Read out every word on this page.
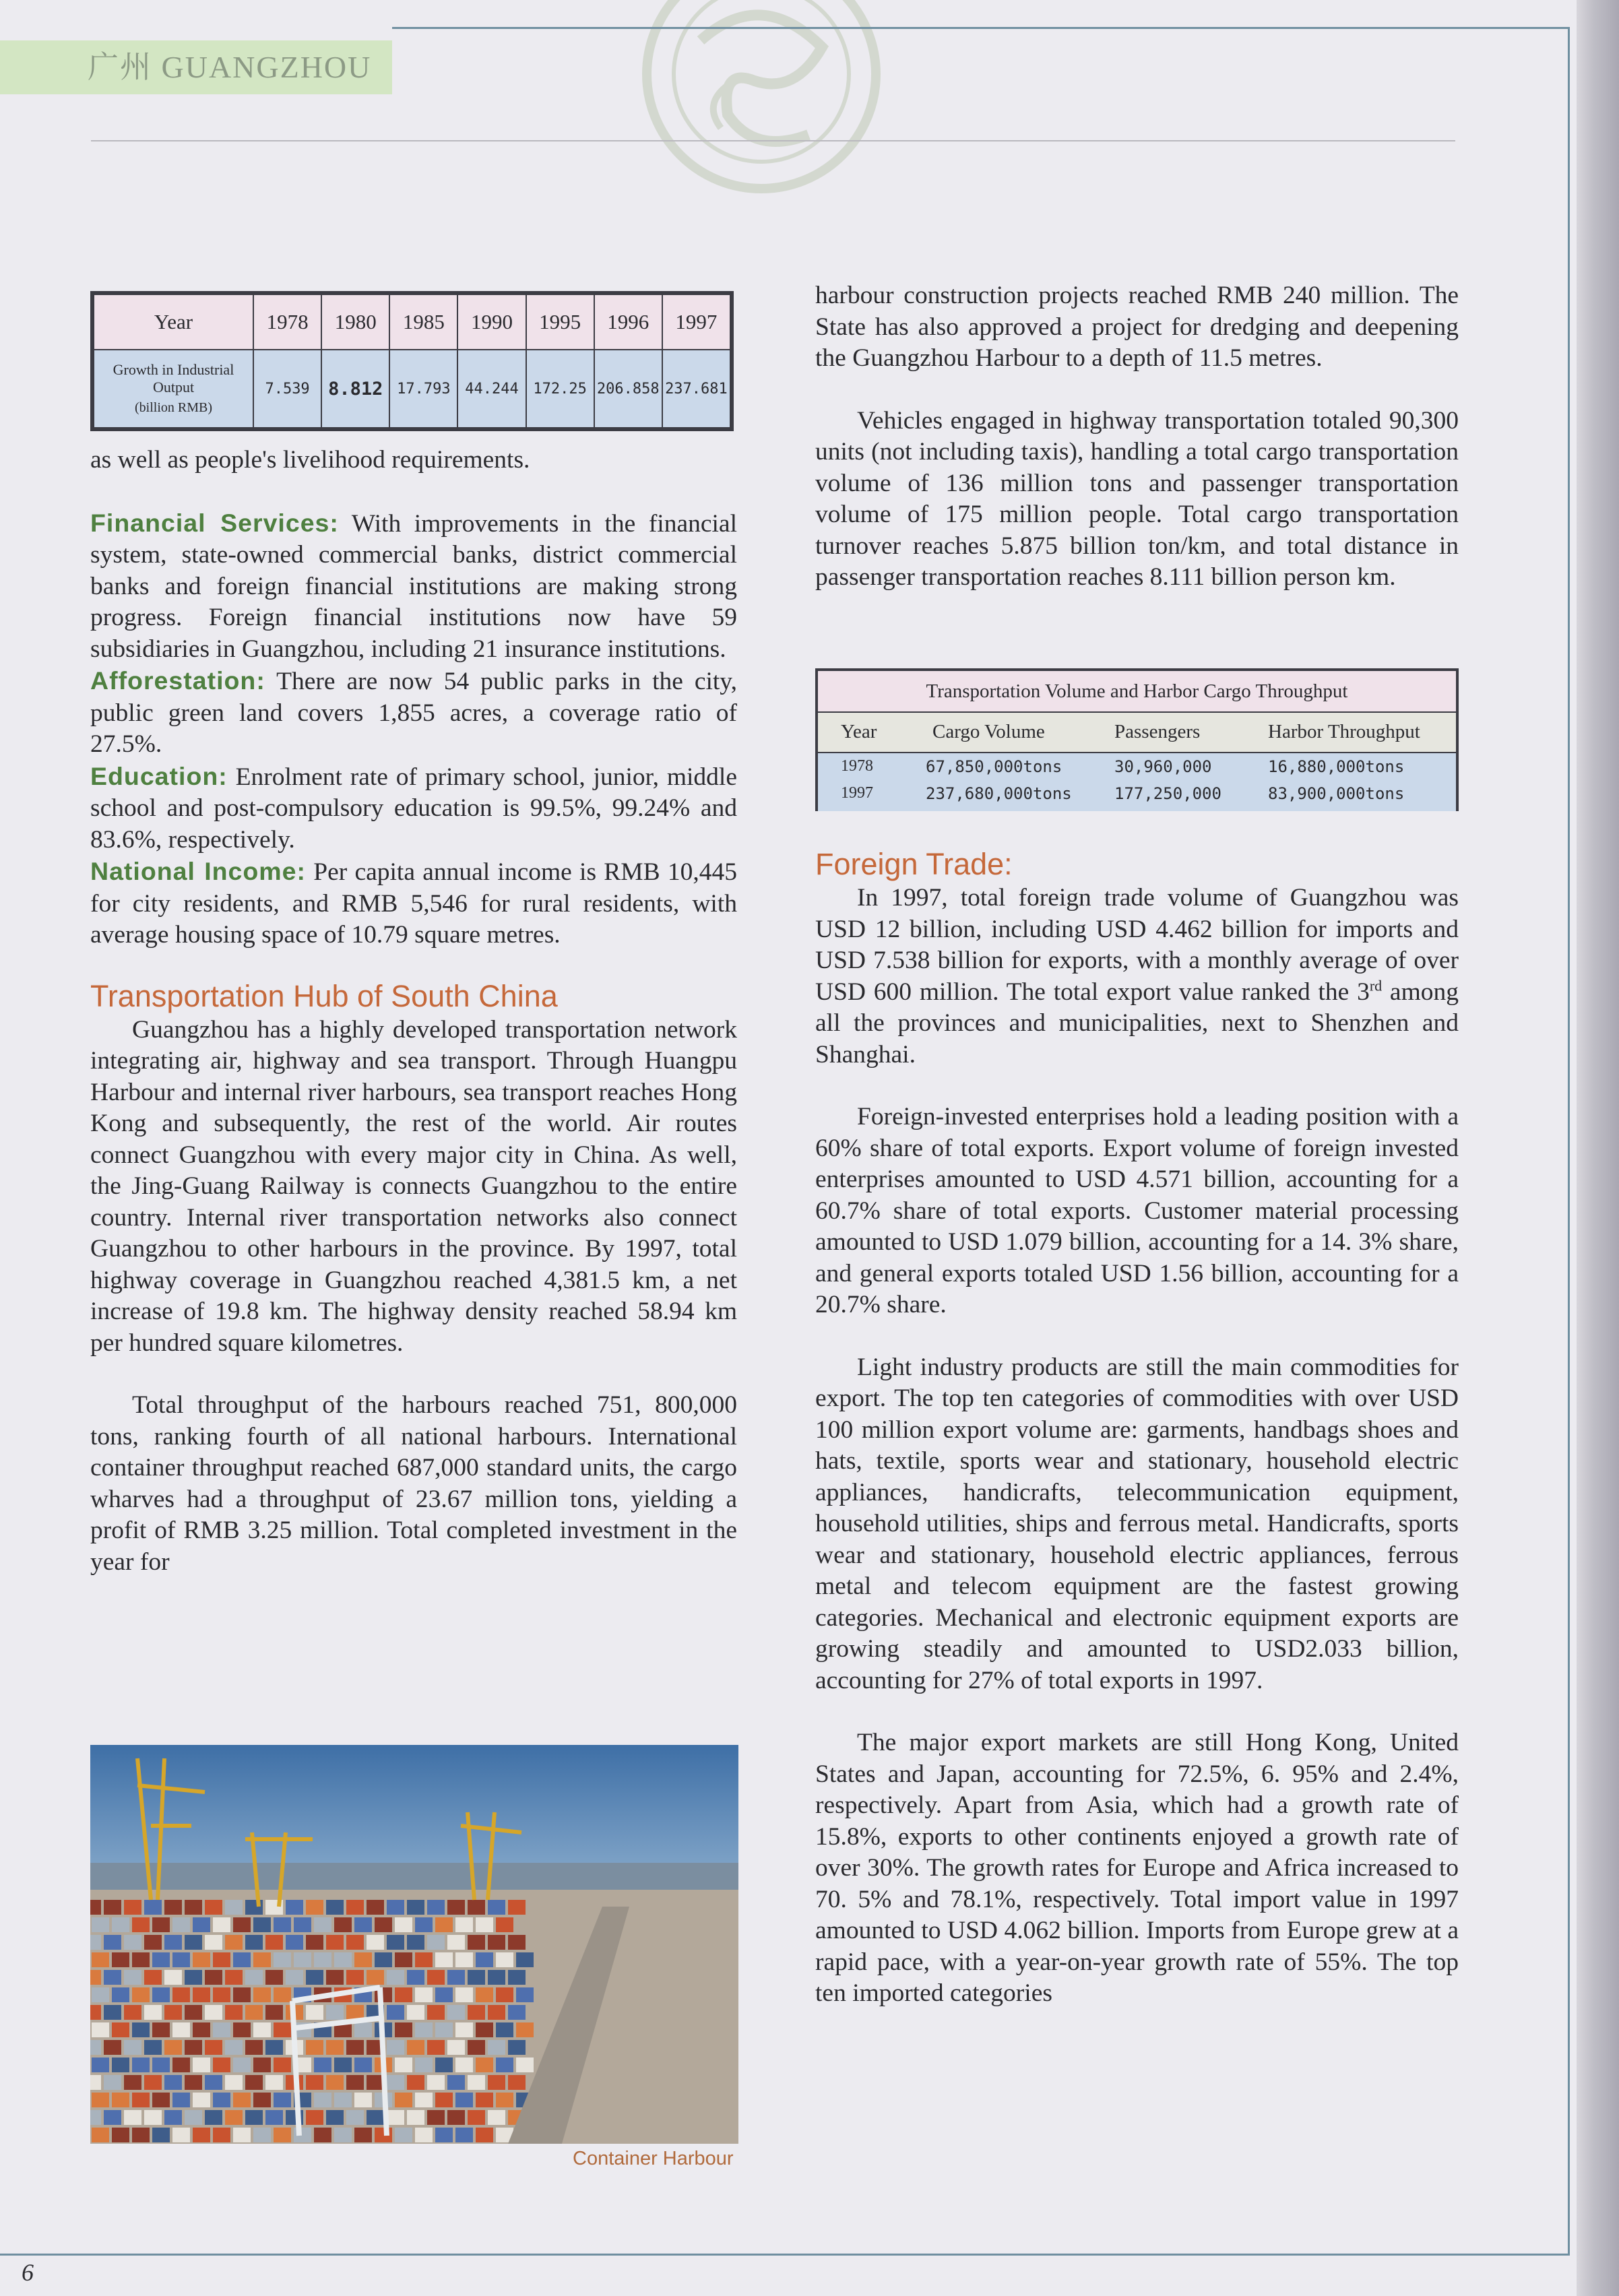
广州 GUANGZHOU
Year	1978	1980	1985	1990	1995	1996	1997
Growth in Industrial Output
(billion RMB)	7.539	8.812	17.793	44.244	172.25	206.858	237.681

as well as people's livelihood requirements.

Financial Services: With improvements in the financial system, state-owned commercial banks, district commercial banks and foreign financial institutions are making strong progress. Foreign financial institutions now have 59 subsidiaries in Guangzhou, including 21 insurance institutions.

Afforestation: There are now 54 public parks in the city, public green land covers 1,855 acres, a coverage ratio of 27.5%.

Education: Enrolment rate of primary school, junior, middle school and post-compulsory education is 99.5%, 99.24% and 83.6%, respectively.

National Income: Per capita annual income is RMB 10,445 for city residents, and RMB 5,546 for rural residents, with average housing space of 10.79 square metres.

Transportation Hub of South China

Guangzhou has a highly developed transportation network integrating air, highway and sea transport. Through Huangpu Harbour and internal river harbours, sea transport reaches Hong Kong and subsequently, the rest of the world. Air routes connect Guangzhou with every major city in China. As well, the Jing-Guang Railway is connects Guangzhou to the entire country. Internal river transportation networks also connect Guangzhou to other harbours in the province. By 1997, total highway coverage in Guangzhou reached 4,381.5 km, a net increase of 19.8 km. The highway density reached 58.94 km per hundred square kilometres.

Total throughput of the harbours reached 751, 800,000 tons, ranking fourth of all national harbours. International container throughput reached 687,000 standard units, the cargo wharves had a throughput of 23.67 million tons, yielding a profit of RMB 3.25 million. Total completed investment in the year for

Container Harbour

harbour construction projects reached RMB 240 million. The State has also approved a project for dredging and deepening the Guangzhou Harbour to a depth of 11.5 metres.

Vehicles engaged in highway transportation totaled 90,300 units (not including taxis), handling a total cargo transportation volume of 136 million tons and passenger transportation volume of 175 million people. Total cargo transportation turnover reaches 5.875 billion ton/km, and total distance in passenger transportation reaches 8.111 billion person km.

Transportation Volume and Harbor Cargo Throughput
Year	Cargo Volume	Passengers	Harbor Throughput
1978	67,850,000tons	30,960,000	16,880,000tons
1997	237,680,000tons	177,250,000	83,900,000tons

Foreign Trade:

In 1997, total foreign trade volume of Guangzhou was USD 12 billion, including USD 4.462 billion for imports and USD 7.538 billion for exports, with a monthly average of over USD 600 million. The total export value ranked the 3rd among all the provinces and municipalities, next to Shenzhen and Shanghai.

Foreign-invested enterprises hold a leading position with a 60% share of total exports. Export volume of foreign invested enterprises amounted to USD 4.571 billion, accounting for a 60.7% share of total exports. Customer material processing amounted to USD 1.079 billion, accounting for a 14. 3% share, and general exports totaled USD 1.56 billion, accounting for a 20.7% share.

Light industry products are still the main commodities for export. The top ten categories of commodities with over USD 100 million export volume are: garments, handbags shoes and hats, textile, sports wear and stationary, household electric appliances, handicrafts, telecommunication equipment, household utilities, ships and ferrous metal. Handicrafts, sports wear and stationary, household electric appliances, ferrous metal and telecom equipment are the fastest growing categories. Mechanical and electronic equipment exports are growing steadily and amounted to USD2.033 billion, accounting for 27% of total exports in 1997.

The major export markets are still Hong Kong, United States and Japan, accounting for 72.5%, 6. 95% and 2.4%, respectively. Apart from Asia, which had a growth rate of 15.8%, exports to other continents enjoyed a growth rate of over 30%. The growth rates for Europe and Africa increased to 70. 5% and 78.1%, respectively. Total import value in 1997 amounted to USD 4.062 billion. Imports from Europe grew at a rapid pace, with a year-on-year growth rate of 55%. The top ten imported categories

6
